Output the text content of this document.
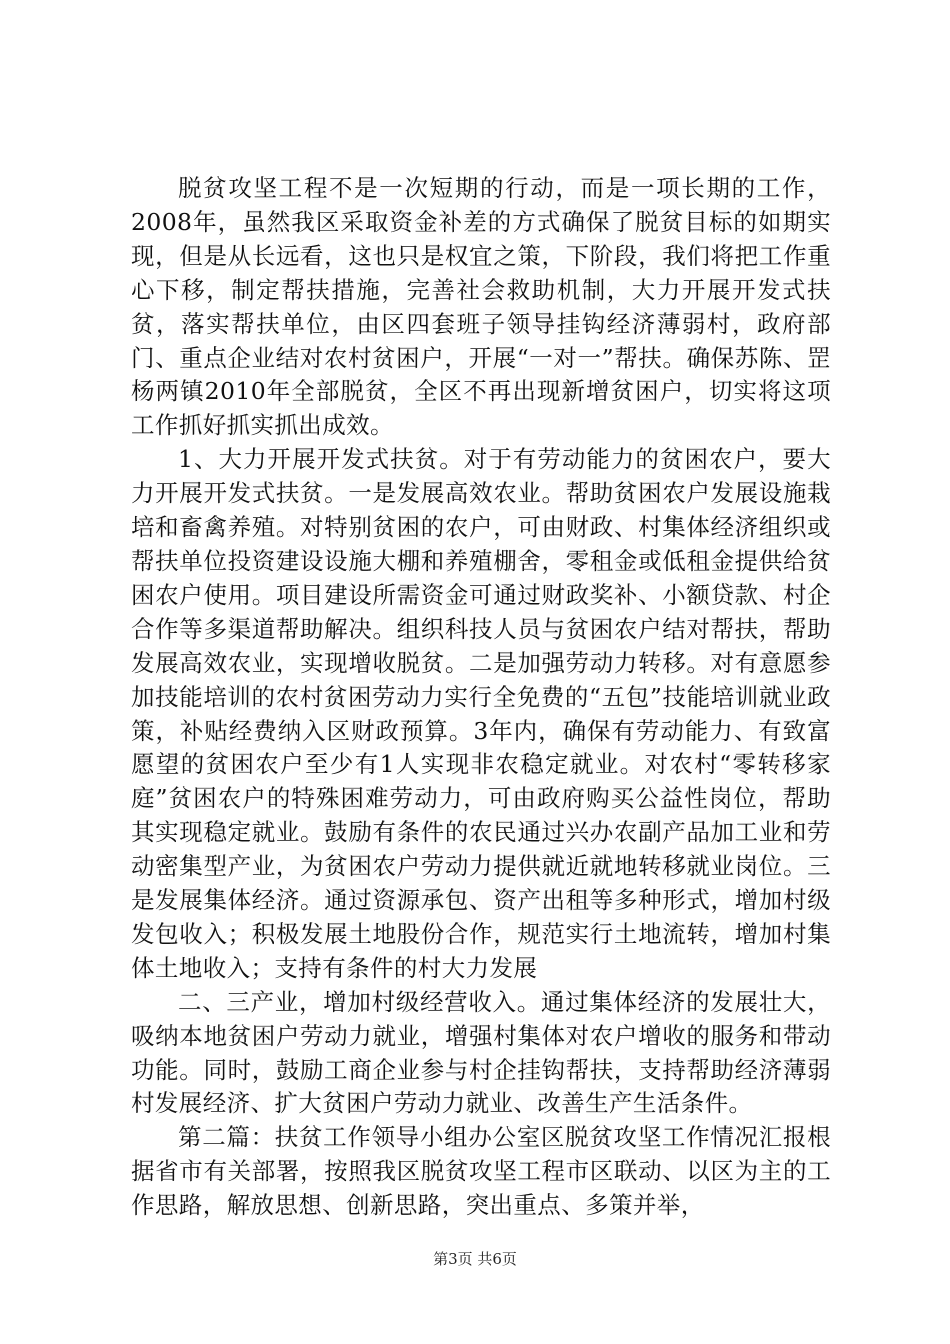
脱贫攻坚工程不是一次短期的行动，而是一项长期的工作，2008年，虽然我区采取资金补差的方式确保了脱贫目标的如期实现，但是从长远看，这也只是权宜之策，下阶段，我们将把工作重心下移，制定帮扶措施，完善社会救助机制，大力开展开发式扶贫，落实帮扶单位，由区四套班子领导挂钩经济薄弱村，政府部门、重点企业结对农村贫困户，开展“一对一”帮扶。确保苏陈、罡杨两镇2010年全部脱贫，全区不再出现新增贫困户，切实将这项工作抓好抓实抓出成效。

1、大力开展开发式扶贫。对于有劳动能力的贫困农户，要大力开展开发式扶贫。一是发展高效农业。帮助贫困农户发展设施栽培和畜禽养殖。对特别贫困的农户，可由财政、村集体经济组织或帮扶单位投资建设设施大棚和养殖棚舍，零租金或低租金提供给贫困农户使用。项目建设所需资金可通过财政奖补、小额贷款、村企合作等多渠道帮助解决。组织科技人员与贫困农户结对帮扶，帮助发展高效农业，实现增收脱贫。二是加强劳动力转移。对有意愿参加技能培训的农村贫困劳动力实行全免费的“五包”技能培训就业政策，补贴经费纳入区财政预算。3年内，确保有劳动能力、有致富愿望的贫困农户至少有1人实现非农稳定就业。对农村“零转移家庭”贫困农户的特殊困难劳动力，可由政府购买公益性岗位，帮助其实现稳定就业。鼓励有条件的农民通过兴办农副产品加工业和劳动密集型产业，为贫困农户劳动力提供就近就地转移就业岗位。三是发展集体经济。通过资源承包、资产出租等多种形式，增加村级发包收入；积极发展土地股份合作，规范实行土地流转，增加村集体土地收入；支持有条件的村大力发展

二、三产业，增加村级经营收入。通过集体经济的发展壮大，吸纳本地贫困户劳动力就业，增强村集体对农户增收的服务和带动功能。同时，鼓励工商企业参与村企挂钩帮扶，支持帮助经济薄弱村发展经济、扩大贫困户劳动力就业、改善生产生活条件。

第二篇：扶贫工作领导小组办公室区脱贫攻坚工作情况汇报根据省市有关部署，按照我区脱贫攻坚工程市区联动、以区为主的工作思路，解放思想、创新思路，突出重点、多策并举，

第3页 共6页
